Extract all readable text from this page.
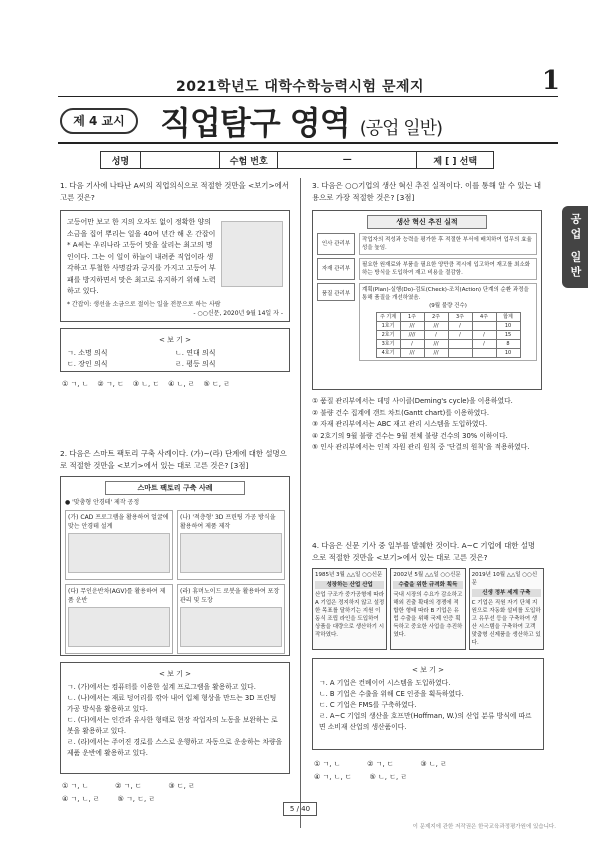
2021학년도 대학수학능력시험 문제지	1
제 4 교시	직업탐구 영역 (공업 일반)
성명	수험 번호	—	제 [ ] 선택
공업 일반
1. 다음 기사에 나타난 A씨의 직업의식으로 적절한 것만을 <보기>에서 고른 것은?
고등어만 보고 한 지의 오자도 없이 정확한 양의 소금을 집어 뿌리는 일을 40여 년간 해 온 간잡이* A씨는 우리나라 고등어 맛을 살리는 최고의 명인이다. 그는 이 일이 하늘이 내려준 직업이라 생각하고 투철한 사명감과 긍지를 가지고 고등어 부패를 방지하면서 맛은 최고로 유지하기 위해 노력하고 있다.
* 간잡이: 생선을 소금으로 절이는 일을 전문으로 하는 사람
- ○○신문, 2020년 9월 14일 자 -
< 보 기 >
ㄱ. 소명 의식	ㄴ. 연대 의식
ㄷ. 장인 의식	ㄹ. 평등 의식
① ㄱ, ㄴ    ② ㄱ, ㄷ    ③ ㄴ, ㄷ    ④ ㄴ, ㄹ    ⑤ ㄷ, ㄹ
2. 다음은 스마트 팩토리 구축 사례이다. (가)~(라) 단계에 대한 설명으로 적절한 것만을 <보기>에서 있는 대로 고른 것은? [3점]
스마트 팩토리 구축 사례
● '맞춤형 안경테' 제작 공정
(가) CAD 프로그램을 활용하여 얼굴에 맞는 안경테 설계
(나) '적층형' 3D 프린팅 가공 방식을 활용하여 제품 제작
(다) 무인운반차(AGV)를 활용하여 제품 운반
(라) 휴머노이드 로봇을 활용하여 포장 관리 및 도장
< 보 기 >
ㄱ. (가)에서는 컴퓨터를 이용한 설계 프로그램을 활용하고 있다.
ㄴ. (나)에서는 재료 덩어리를 깎아 내어 입체 형상을 만드는 3D 프린팅 가공 방식을 활용하고 있다.
ㄷ. (다)에서는 인간과 유사한 형태로 현장 작업자의 노동을 보완하는 로봇을 활용하고 있다.
ㄹ. (라)에서는 주어진 경로를 스스로 운행하고 자동으로 운송하는 차량을 제품 운반에 활용하고 있다.
① ㄱ, ㄴ            ② ㄱ, ㄷ            ③ ㄷ, ㄹ
④ ㄱ, ㄴ, ㄹ        ⑤ ㄱ, ㄷ, ㄹ
3. 다음은 ○○기업의 생산 혁신 추진 실적이다. 이를 통해 알 수 있는 내용으로 가장 적절한 것은? [3점]
생산 혁신 추진 실적
인사 관리부
작업자의 적성과 능력을 평가한 후 적절한 부서에 배치하여 업무의 효율성을 높임.
자재 관리부
필요한 원재료와 부품을 필요한 양만큼 적시에 입고하여 재고를 최소화하는 방식을 도입하여 재고 비용을 절감함.
품질 관리부
계획(Plan)-실행(Do)-검토(Check)-조치(Action) 단계의 순환 과정을 통해 품질을 개선하였음.
(9월 불량 건수)
주 기계	1주	2주	3주	4주	합계
1호기	///	///	/		10
2호기	////	/	/	/	15
3호기	/	///		/	8
4호기	///	///			10
① 품질 관리부에서는 데밍 사이클(Deming's cycle)을 이용하였다.
② 불량 건수 집계에 갠트 차트(Gantt chart)를 이용하였다.
③ 자재 관리부에서는 ABC 재고 관리 시스템을 도입하였다.
④ 2호기의 9월 불량 건수는 9월 전체 불량 건수의 30% 이하이다.
⑤ 인사 관리부에서는 인적 자원 관리 원칙 중 '단결의 원칙'을 적용하였다.
4. 다음은 신문 기사 중 일부를 발췌한 것이다. A~C 기업에 대한 설명으로 적절한 것만을 <보기>에서 있는 대로 고른 것은?
1985년 3월 △△일 ○○신문
성장하는 산업 산업
산업 구조가 중가공형에 따라 A 기업은 정지하지 않고 설정한 목표를 달하기는 지원 이동식 조립 라인을 도입하여 상품을 대량으로 생산하기 시작하였다.
2002년 5월 △△일 ○○신문
수출을 위한 규격화 획득
국내 시장의 수요가 감소하고 해외 진출 확대의 경쟁에 적합한 형태 따라 B 기업은 유럽 수출을 위해 국제 인증 획득하고 중요한 사업을 추진하였다.
2019년 10월 △△일 ○○신문
신생 정부 세계 구축
C 기업은 직원 자기 단체 지원으로 자동화 설비를 도입하고 유무선 등을 구축하여 생산 시스템을 구축하여 고객 맞춤형 신제품을 생산하고 있다.
< 보 기 >
ㄱ. A 기업은 컨베이어 시스템을 도입하였다.
ㄴ. B 기업은 수출을 위해 CE 인증을 획득하였다.
ㄷ. C 기업은 FMS를 구축하였다.
ㄹ. A~C 기업의 생산을 호프만(Hoffman, W.)의 산업 분류 방식에 따르면 소비재 산업의 생산품이다.
① ㄱ, ㄴ            ② ㄱ, ㄷ            ③ ㄴ, ㄹ
④ ㄱ, ㄴ, ㄷ        ⑤ ㄴ, ㄷ, ㄹ
5 / 40
이 문제지에 관한 저작권은 한국교육과정평가원에 있습니다.
